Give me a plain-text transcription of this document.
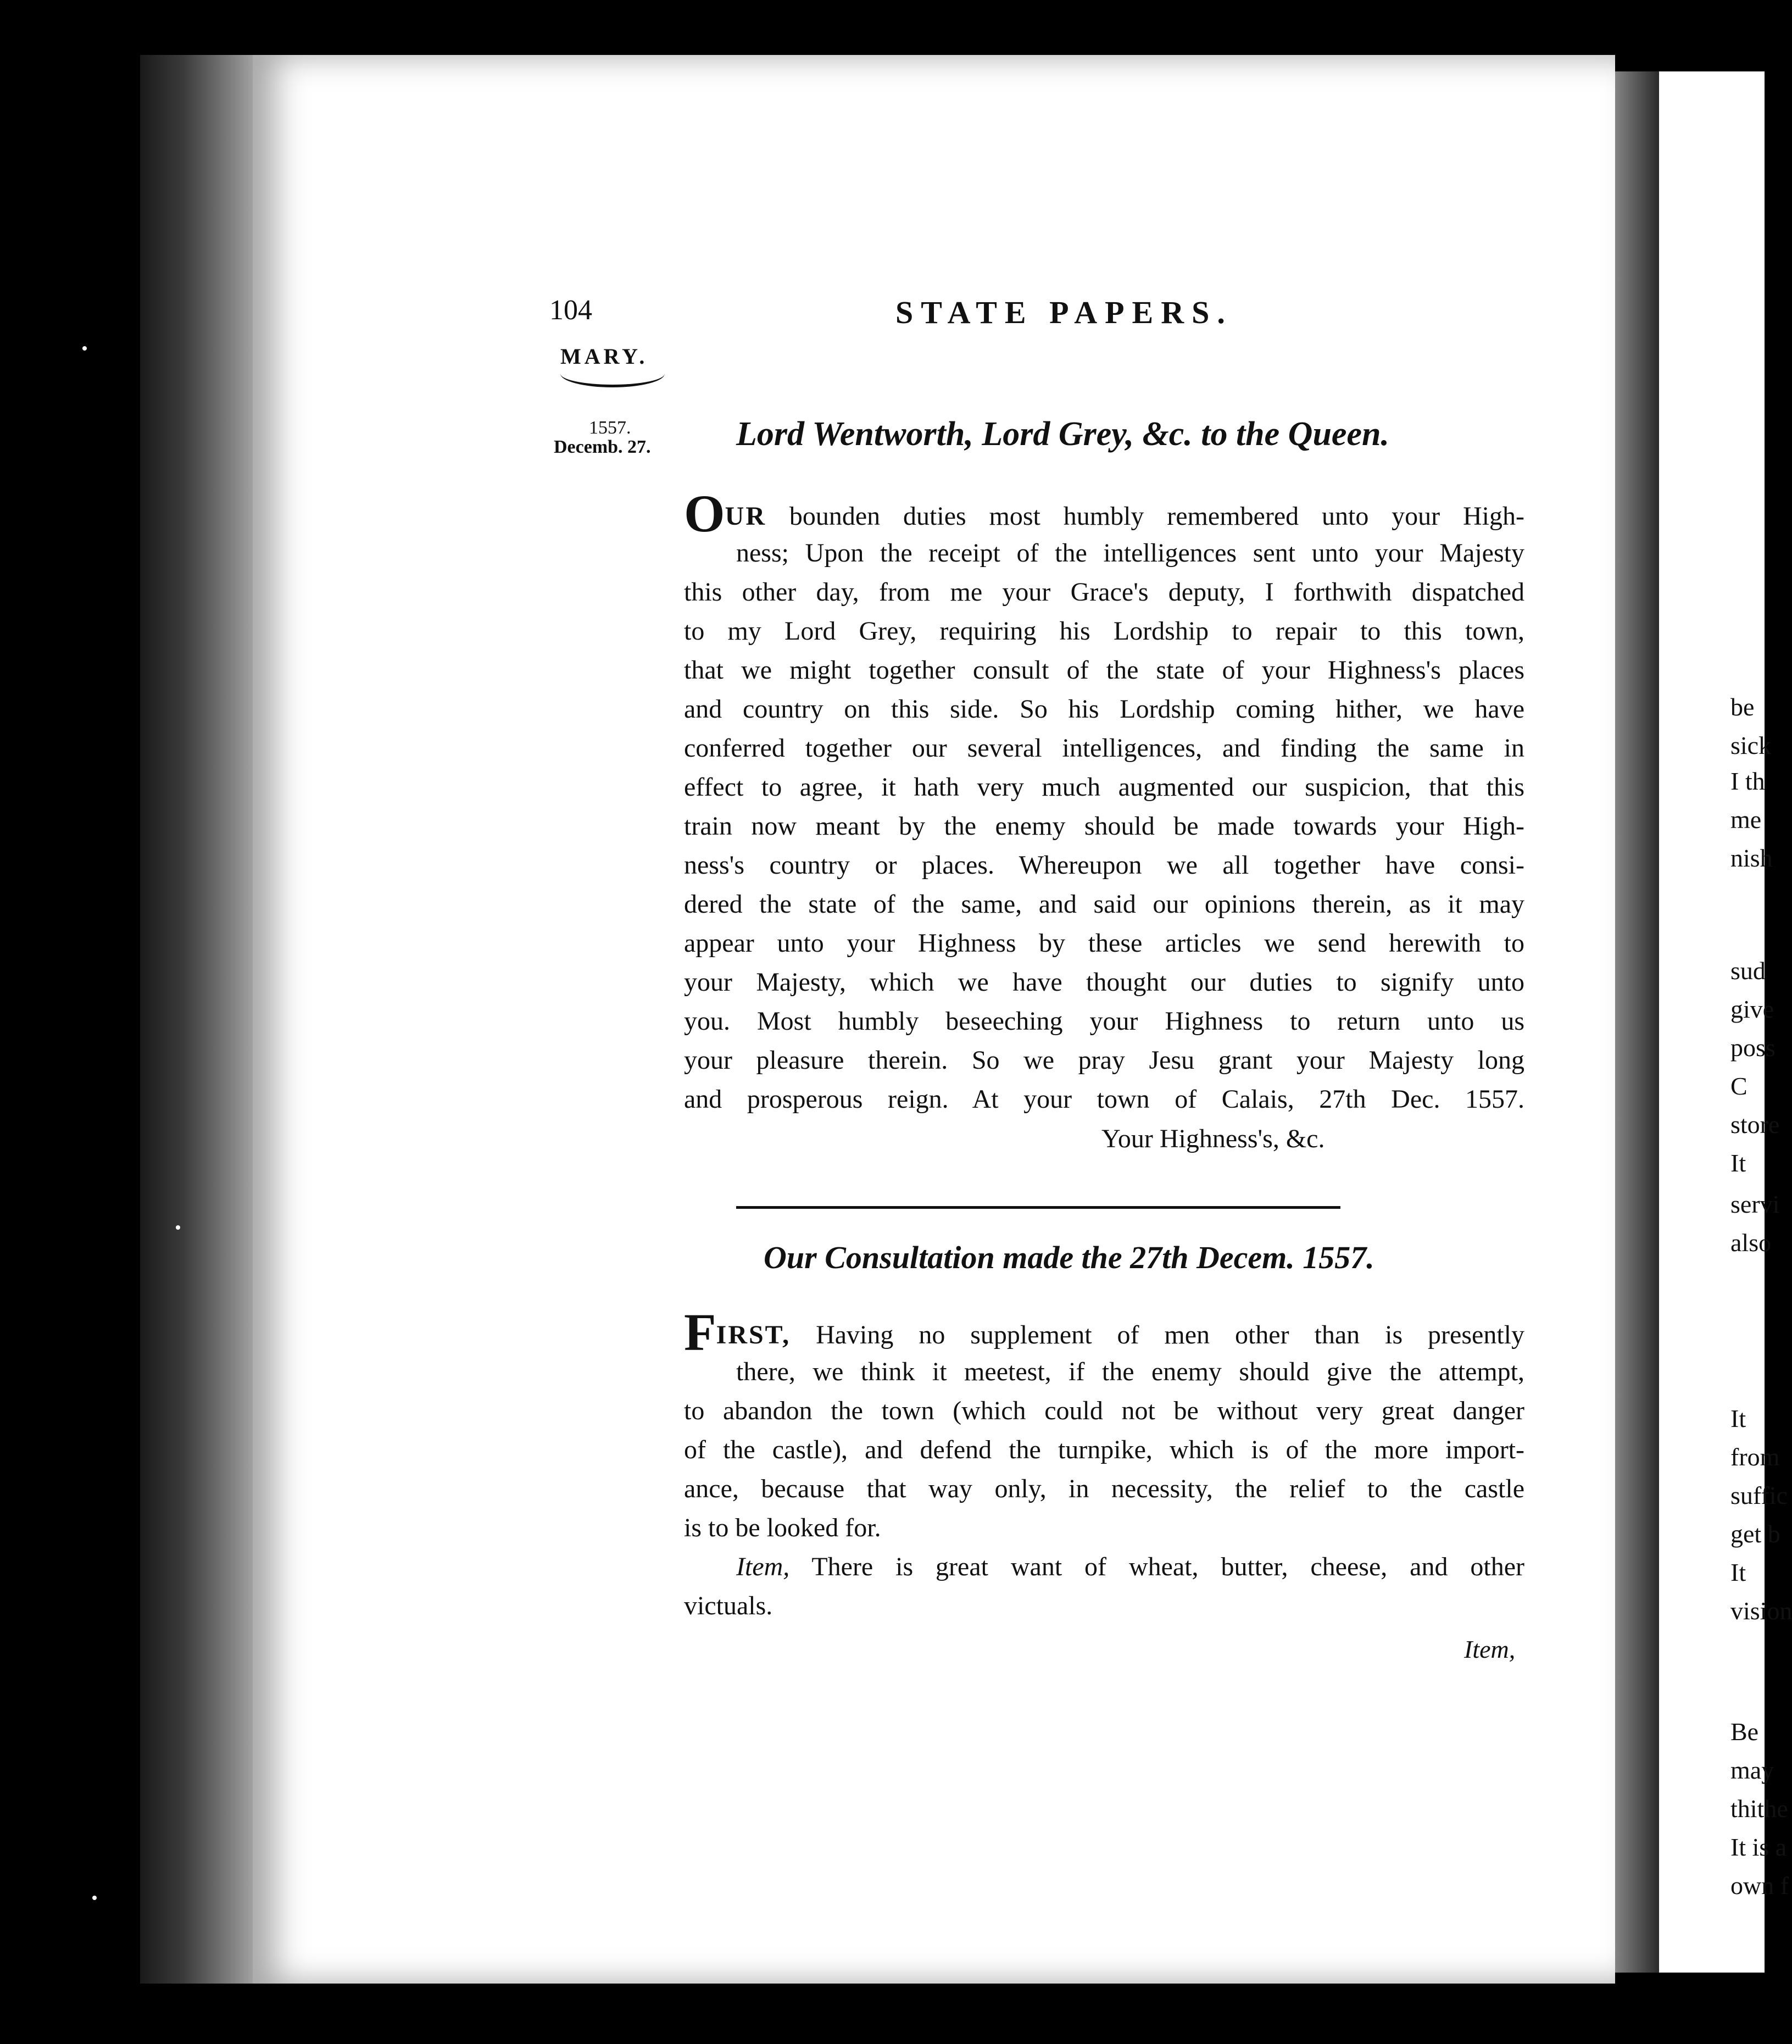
be
sick
I th
me
nish
sud
give
poss
C
store
It
servi
also
It
from
suffic
get b
It
vision
Be
may
thithe
It is a
own f
104	STATE PAPERS.
MARY.
1557.
Decemb. 27.	Lord Wentworth, Lord Grey, &c. to the Queen.
OUR bounden duties most humbly remembered unto your High-
ness; Upon the receipt of the intelligences sent unto your Majesty
this other day, from me your Grace's deputy, I forthwith dispatched
to my Lord Grey, requiring his Lordship to repair to this town,
that we might together consult of the state of your Highness's places
and country on this side. So his Lordship coming hither, we have
conferred together our several intelligences, and finding the same in
effect to agree, it hath very much augmented our suspicion, that this
train now meant by the enemy should be made towards your High-
ness's country or places. Whereupon we all together have consi-
dered the state of the same, and said our opinions therein, as it may
appear unto your Highness by these articles we send herewith to
your Majesty, which we have thought our duties to signify unto
you. Most humbly beseeching your Highness to return unto us
your pleasure therein. So we pray Jesu grant your Majesty long
and prosperous reign. At your town of Calais, 27th Dec. 1557.
Your Highness's, &c.
Our Consultation made the 27th Decem. 1557.
FIRST, Having no supplement of men other than is presently
there, we think it meetest, if the enemy should give the attempt,
to abandon the town (which could not be without very great danger
of the castle), and defend the turnpike, which is of the more import-
ance, because that way only, in necessity, the relief to the castle
is to be looked for.
Item, There is great want of wheat, butter, cheese, and other
victuals.
Item,
